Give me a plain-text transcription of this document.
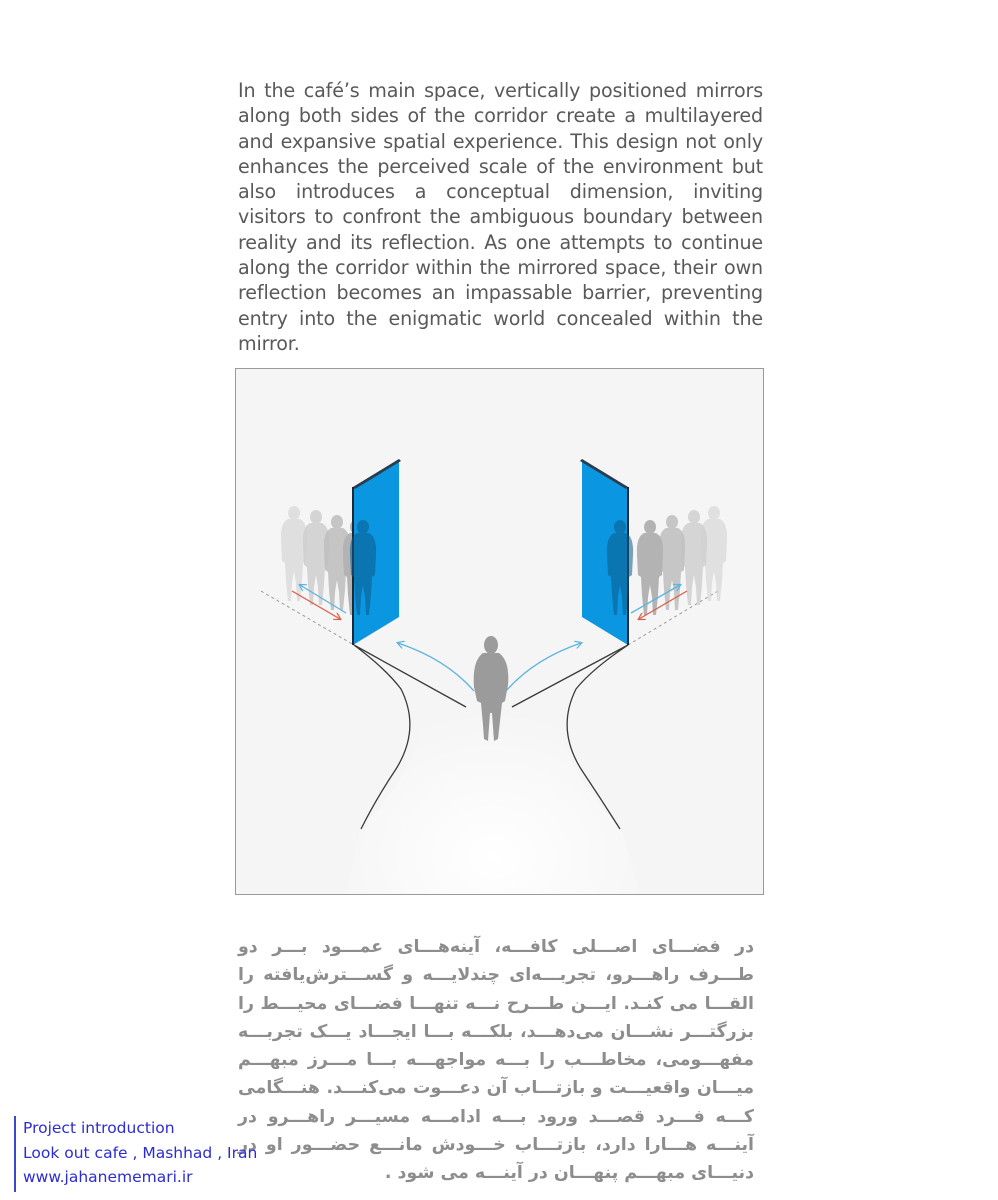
In the café’s main space, vertically positioned mirrors along both sides of the corridor create a multilayered and expansive spatial experience. This design not only enhances the perceived scale of the environment but also introduces a conceptual dimension, inviting visitors to confront the ambiguous boundary between reality and its reflection. As one attempts to continue along the corridor within the mirrored space, their own reflection becomes an impassable barrier, preventing entry into the enigmatic world concealed within the mirror.

در فضـــای اصـــلی کافـــه، آینه‌هـــای عمـــود بـــر دو طـــرف راهـــرو، تجربـــه‌ای چندلایـــه و گســـترش‌یافته را القـــا می کنـد. ایـــن طـــرح نـــه تنهـــا فضـــای محیـــط را بزرگتـــر نشـــان می‌دهـــد، بلکـــه بـــا ایجـــاد یـــک تجربـــه مفهـــومی، مخاطـــب را بـــه مواجهـــه بـــا مـــرز مبهـــم میـــان واقعیـــت و بازتـــاب آن دعـــوت می‌کنـــد. هنـــگامی کـــه فـــرد قصـــد ورود بـــه ادامـــه مسیـــر راهـــرو در آینـــه هـــارا دارد، بازتـــاب خـــودش مانـــع حضـــور او در دنیـــای مبهـــم پنهـــان در آینـــه می شود .

Project introduction
Look out cafe , Mashhad , Iran
www.jahanememari.ir
